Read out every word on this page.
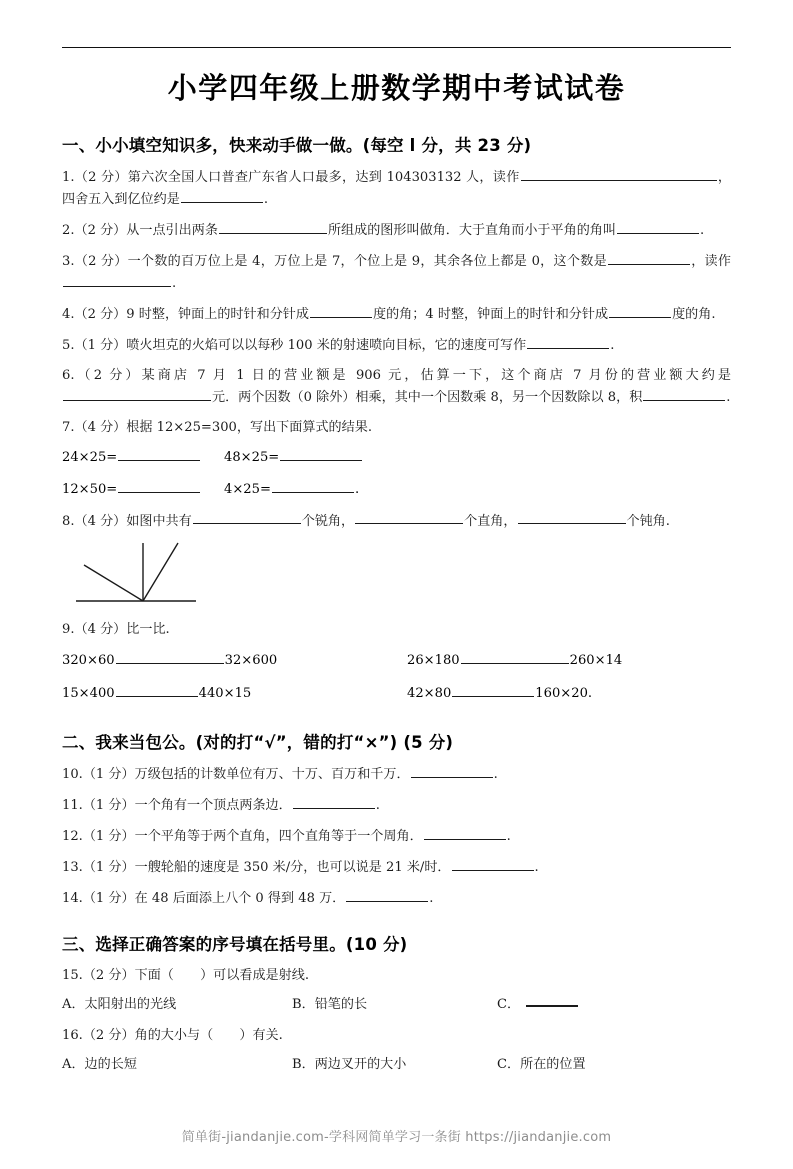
小学四年级上册数学期中考试试卷
一、小小填空知识多，快来动手做一做。(每空 l 分，共 23 分)

1.（2 分）第六次全国人口普查广东省人口最多，达到 104303132 人，读作	，四舍五入到亿位约是	.

2.（2 分）从一点引出两条	所组成的图形叫做角．大于直角而小于平角的角叫	.

3.（2 分）一个数的百万位上是 4，万位上是 7，个位上是 9，其余各位上都是 0，这个数是	，读作.

4.（2 分）9 时整，钟面上的时针和分针成	度的角；4 时整，钟面上的时针和分针成	度的角.

5.（1 分）喷火坦克的火焰可以以每秒 100 米的射速喷向目标，它的速度可写作	.

6.（2 分）某商店 7 月 1 日的营业额是 906 元，估算一下，这个商店 7 月份的营业额大约是元．两个因数（0 除外）相乘，其中一个因数乘 8，另一个因数除以 8，积	.

7.（4 分）根据 12×25=300，写出下面算式的结果.

24×25=	48×25=
12×50=	4×25=	.

8.（4 分）如图中共有	个锐角，	个直角，	个钝角.

9.（4 分）比一比.

320×60	32×600	26×180	260×14
15×400	440×15	42×80	160×20.
二、我来当包公。(对的打“√”，错的打“×”) (5 分)

10.（1 分）万级包括的计数单位有万、十万、百万和千万．	.

11.（1 分）一个角有一个顶点两条边．	.

12.（1 分）一个平角等于两个直角，四个直角等于一个周角．	.

13.（1 分）一艘轮船的速度是 350 米/分，也可以说是 21 米/时．	.

14.（1 分）在 48 后面添上八个 0 得到 48 万．	.

三、选择正确答案的序号填在括号里。(10 分)

15.（2 分）下面（　　）可以看成是射线.

A．太阳射出的光线	B．铅笔的长	C．

16.（2 分）角的大小与（　　）有关.

A．边的长短	B．两边叉开的大小	C．所在的位置
简单街-jiandanjie.com-学科网简单学习一条街 https://jiandanjie.com
